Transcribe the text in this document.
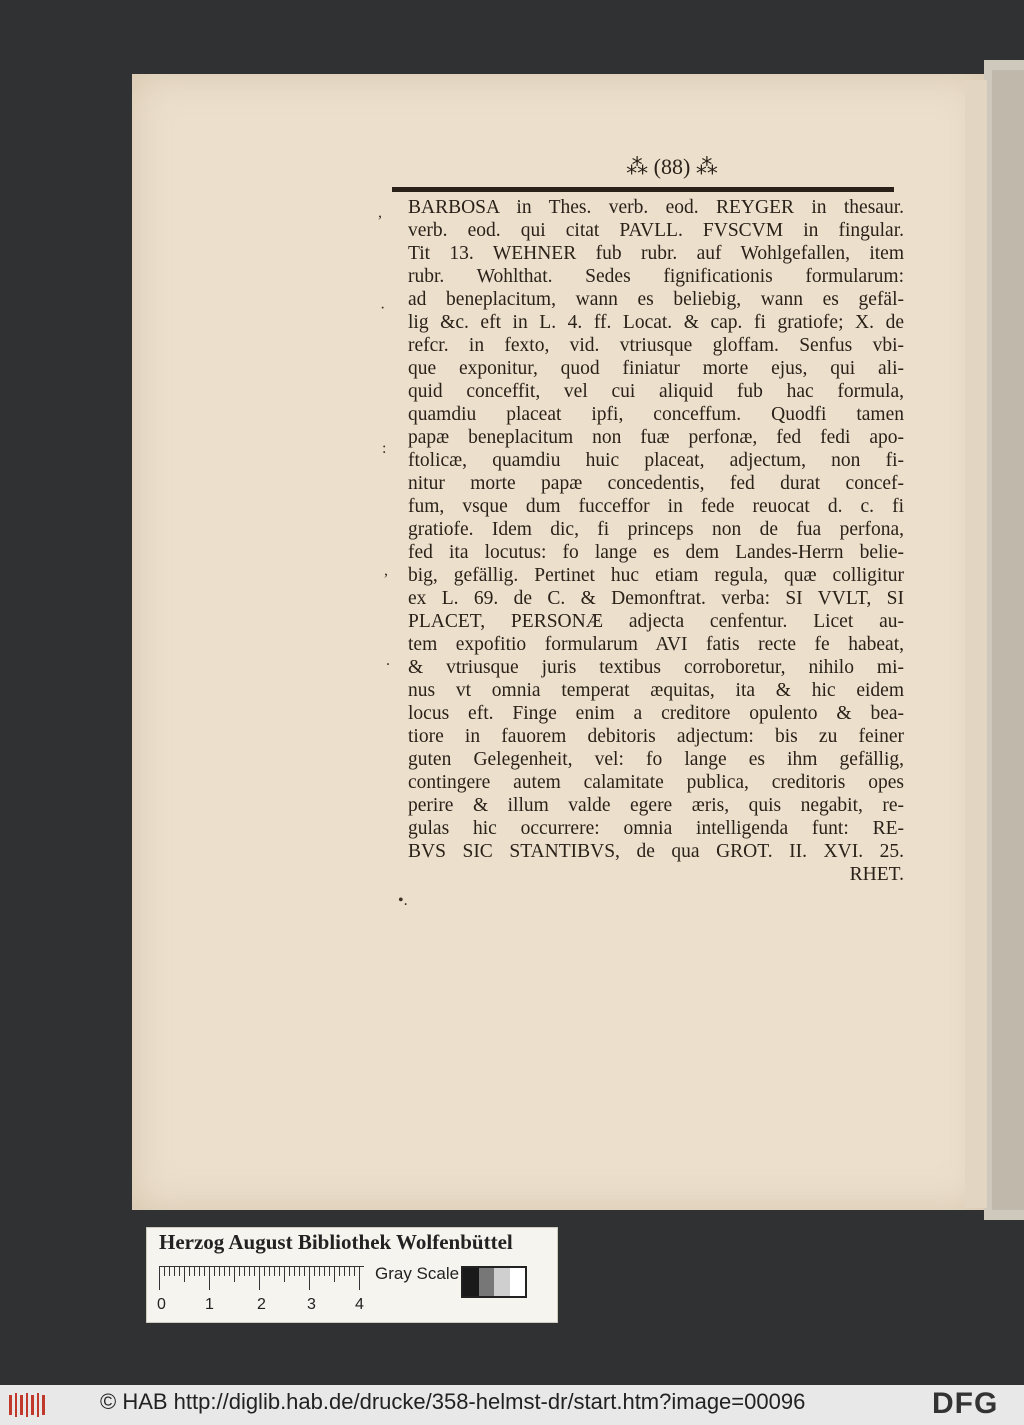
⁂ (88) ⁂
,
·
:
,
.
•.
BARBOSA in Thes. verb. eod. REYGER in thesaur.
verb. eod. qui citat PAVLL. FVSCVM in fingular.
Tit 13. WEHNER fub rubr. auf Wohlgefallen, item
rubr. Wohlthat. Sedes fignificationis formularum:
ad beneplacitum, wann es beliebig, wann es gefäl-
lig &c. eft in L. 4. ff. Locat. & cap. fi gratiofe; X. de
refcr. in fexto, vid. vtriusque gloffam. Senfus vbi-
que exponitur, quod finiatur morte ejus, qui ali-
quid conceffit, vel cui aliquid fub hac formula,
quamdiu placeat ipfi, conceffum. Quodfi tamen
papæ beneplacitum non fuæ perfonæ, fed fedi apo-
ftolicæ, quamdiu huic placeat, adjectum, non fi-
nitur morte papæ concedentis, fed durat concef-
fum, vsque dum fucceffor in fede reuocat d. c. fi
gratiofe. Idem dic, fi princeps non de fua perfona,
fed ita locutus: fo lange es dem Landes-Herrn belie-
big, gefällig. Pertinet huc etiam regula, quæ colligitur
ex L. 69. de C. & Demonftrat. verba: SI VVLT, SI
PLACET, PERSONÆ adjecta cenfentur. Licet au-
tem expofitio formularum AVI fatis recte fe habeat,
& vtriusque juris textibus corroboretur, nihilo mi-
nus vt omnia temperat æquitas, ita & hic eidem
locus eft. Finge enim a creditore opulento & bea-
tiore in fauorem debitoris adjectum: bis zu feiner
guten Gelegenheit, vel: fo lange es ihm gefällig,
contingere autem calamitate publica, creditoris opes
perire & illum valde egere æris, quis negabit, re-
gulas hic occurrere: omnia intelligenda funt: RE-
BVS SIC STANTIBVS, de qua GROT. II. XVI. 25.
RHET.
Herzog August Bibliothek Wolfenbüttel
0 1	2	3 4
Gray Scale
© HAB http://diglib.hab.de/drucke/358-helmst-dr/start.htm?image=00096	DFG
